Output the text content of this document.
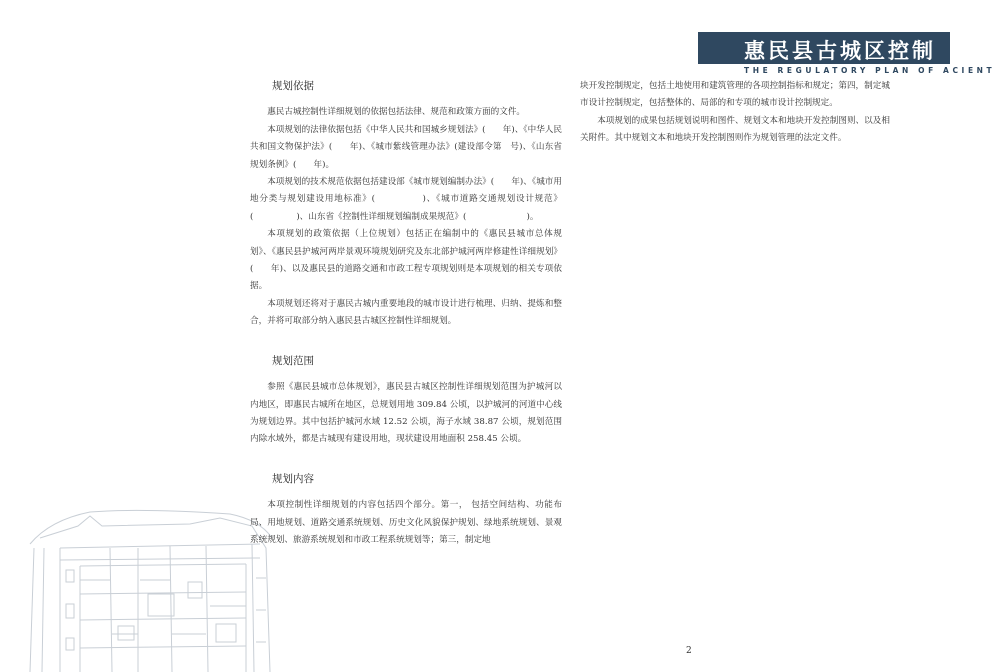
惠民县古城区控制
THE REGULATORY PLAN OF ACIENT
规划依据

惠民古城控制性详细规划的依据包括法律、规范和政策方面的文件。

本项规划的法律依据包括《中华人民共和国城乡规划法》(　　年)、《中华人民共和国文物保护法》(　　年)、《城市紫线管理办法》(建设部令第　号)、《山东省规划条例》(　　年)。

本项规划的技术规范依据包括建设部《城市规划编制办法》(　　年)、《城市用地分类与规划建设用地标准》(　　　　　)、《城市道路交通规划设计规范》(　　　　　)、山东省《控制性详细规划编制成果规范》(　　　　　　　)。

本项规划的政策依据（上位规划）包括正在编制中的《惠民县城市总体规划》、《惠民县护城河两岸景观环境规划研究及东北部护城河两岸修建性详细规划》(　　年)、以及惠民县的道路交通和市政工程专项规划则是本项规划的相关专项依据。

本项规划还将对于惠民古城内重要地段的城市设计进行梳理、归纳、提炼和整合，并将可取部分纳入惠民县古城区控制性详细规划。

规划范围

参照《惠民县城市总体规划》，惠民县古城区控制性详细规划范围为护城河以内地区，即惠民古城所在地区，总规划用地 309.84 公顷，以护城河的河道中心线为规划边界。其中包括护城河水域 12.52 公顷，海子水域 38.87 公顷，规划范围内除水域外，都是古城现有建设用地，现状建设用地面积 258.45 公顷。

规划内容

本项控制性详细规划的内容包括四个部分。第一， 包括空间结构、功能布局、用地规划、道路交通系统规划、历史文化风貌保护规划、绿地系统规划、景观系统规划、旅游系统规划和市政工程系统规划等；第三，制定地

块开发控制规定，包括土地使用和建筑管理的各项控制指标和规定；第四，制定城市设计控制规定，包括整体的、局部的和专项的城市设计控制规定。

本项规划的成果包括规划说明和图件、规划文本和地块开发控制图则、以及相关附件。其中规划文本和地块开发控制图则作为规划管理的法定文件。

2
